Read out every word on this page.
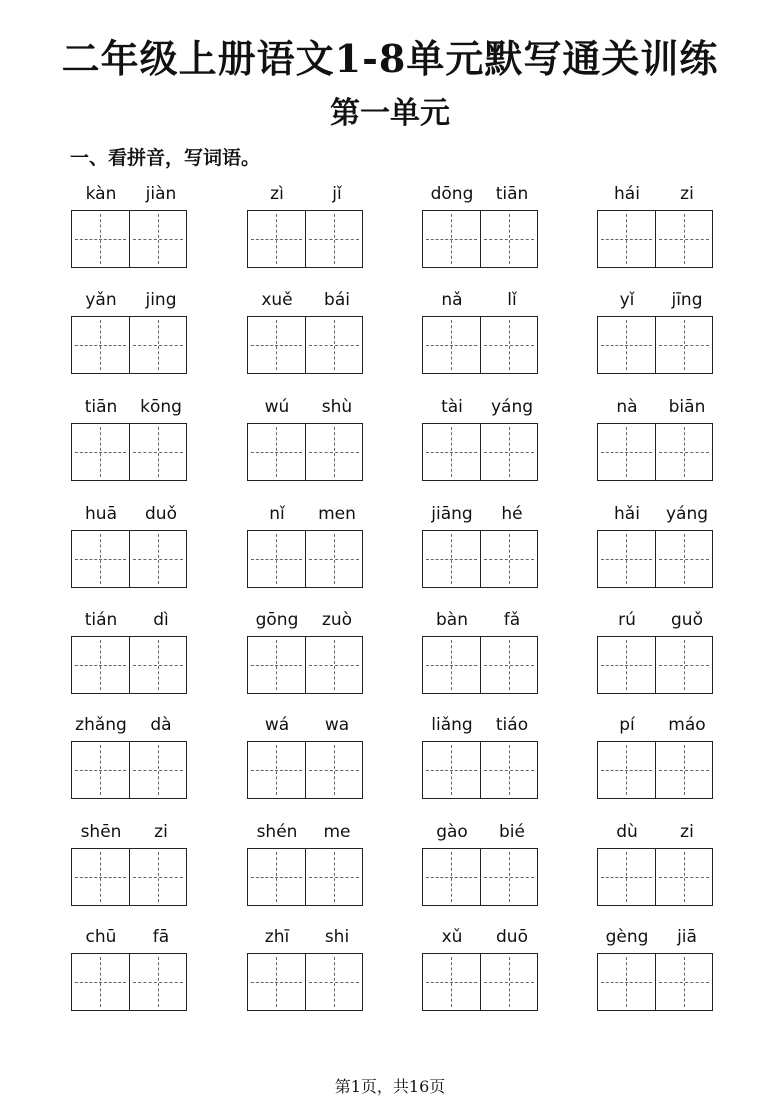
二年级上册语文1-8单元默写通关训练
第一单元

一、看拼音，写词语。

kàn	jiàn	zì	jǐ	dōng	tiān	hái	zi
yǎn	jing	xuě	bái	nǎ	lǐ	yǐ	jīng
tiān	kōng	wú	shù	tài	yáng	nà	biān
huā	duǒ	nǐ	men	jiāng	hé	hǎi	yáng
tián	dì	gōng	zuò	bàn	fǎ	rú	guǒ
zhǎng	dà	wá	wa	liǎng	tiáo	pí	máo
shēn	zi	shén	me	gào	bié	dù	zi
chū	fā	zhī	shi	xǔ	duō	gèng	jiā

第1页，共16页
